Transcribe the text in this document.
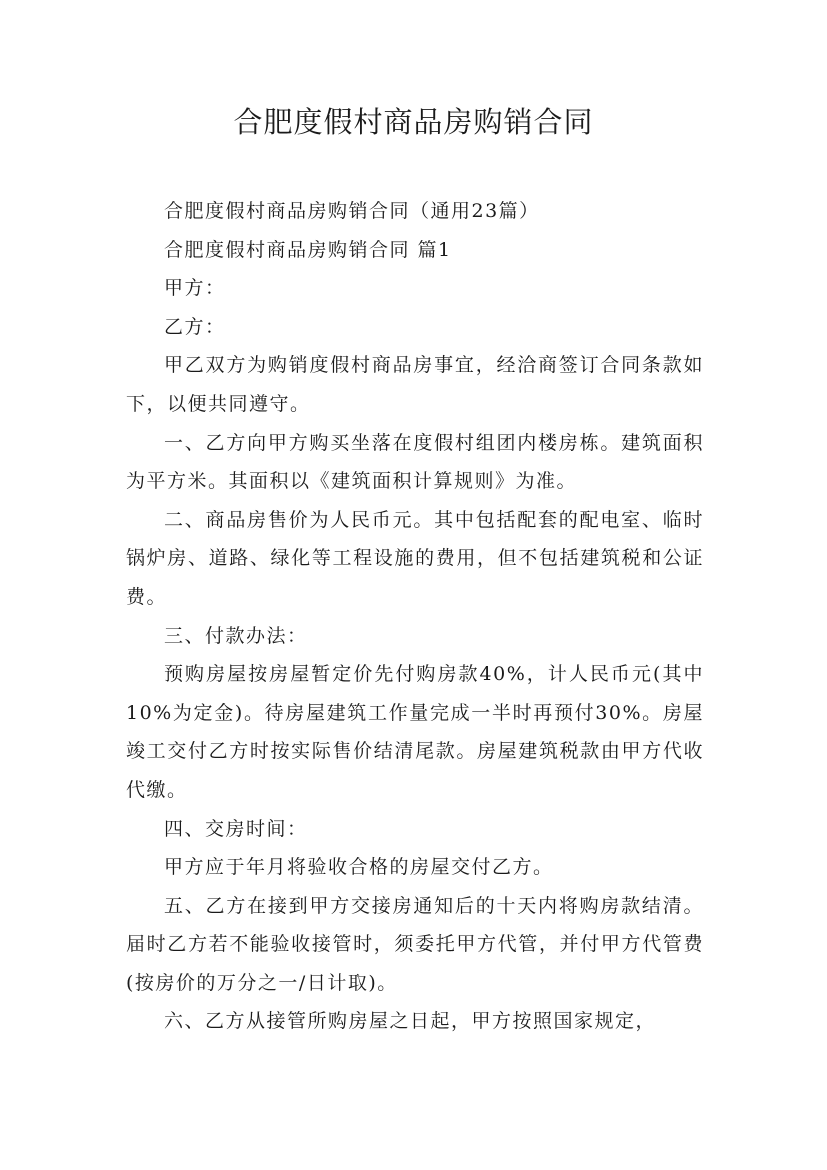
合肥度假村商品房购销合同

合肥度假村商品房购销合同（通用23篇）

合肥度假村商品房购销合同 篇1

甲方：

乙方：

甲乙双方为购销度假村商品房事宜，经洽商签订合同条款如下，以便共同遵守。

一、乙方向甲方购买坐落在度假村组团内楼房栋。建筑面积为平方米。其面积以《建筑面积计算规则》为准。

二、商品房售价为人民币元。其中包括配套的配电室、临时锅炉房、道路、绿化等工程设施的费用，但不包括建筑税和公证费。

三、付款办法：

预购房屋按房屋暂定价先付购房款40%，计人民币元(其中10%为定金)。待房屋建筑工作量完成一半时再预付30%。房屋竣工交付乙方时按实际售价结清尾款。房屋建筑税款由甲方代收代缴。

四、交房时间：

甲方应于年月将验收合格的房屋交付乙方。

五、乙方在接到甲方交接房通知后的十天内将购房款结清。届时乙方若不能验收接管时，须委托甲方代管，并付甲方代管费(按房价的万分之一/日计取)。

六、乙方从接管所购房屋之日起，甲方按照国家规定，
